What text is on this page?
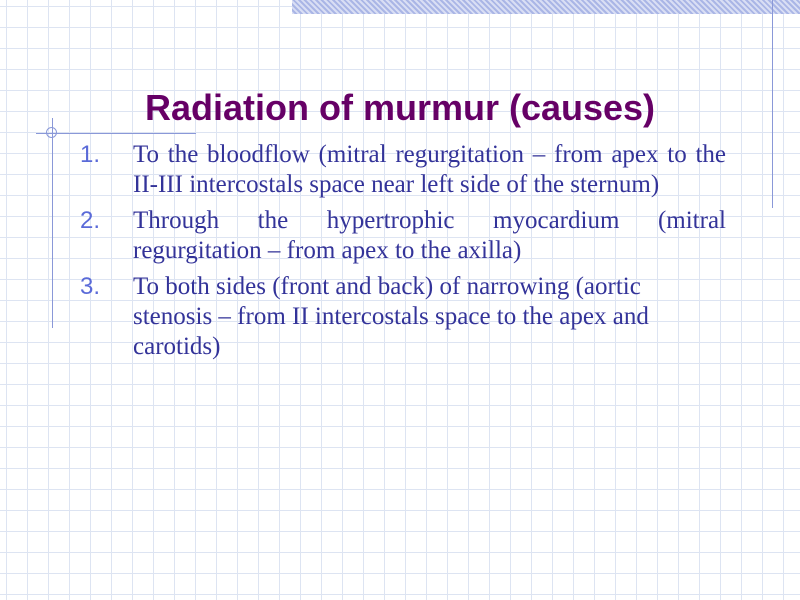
Radiation of murmur (causes)
1.	To the bloodflow (mitral regurgitation – from apex to the II-III intercostals space near left side of the sternum)
2.	Through the hypertrophic myocardium (mitral regurgitation – from apex to the axilla)
3.	To both sides (front and back) of narrowing (aortic stenosis – from II intercostals space to the apex and carotids)
